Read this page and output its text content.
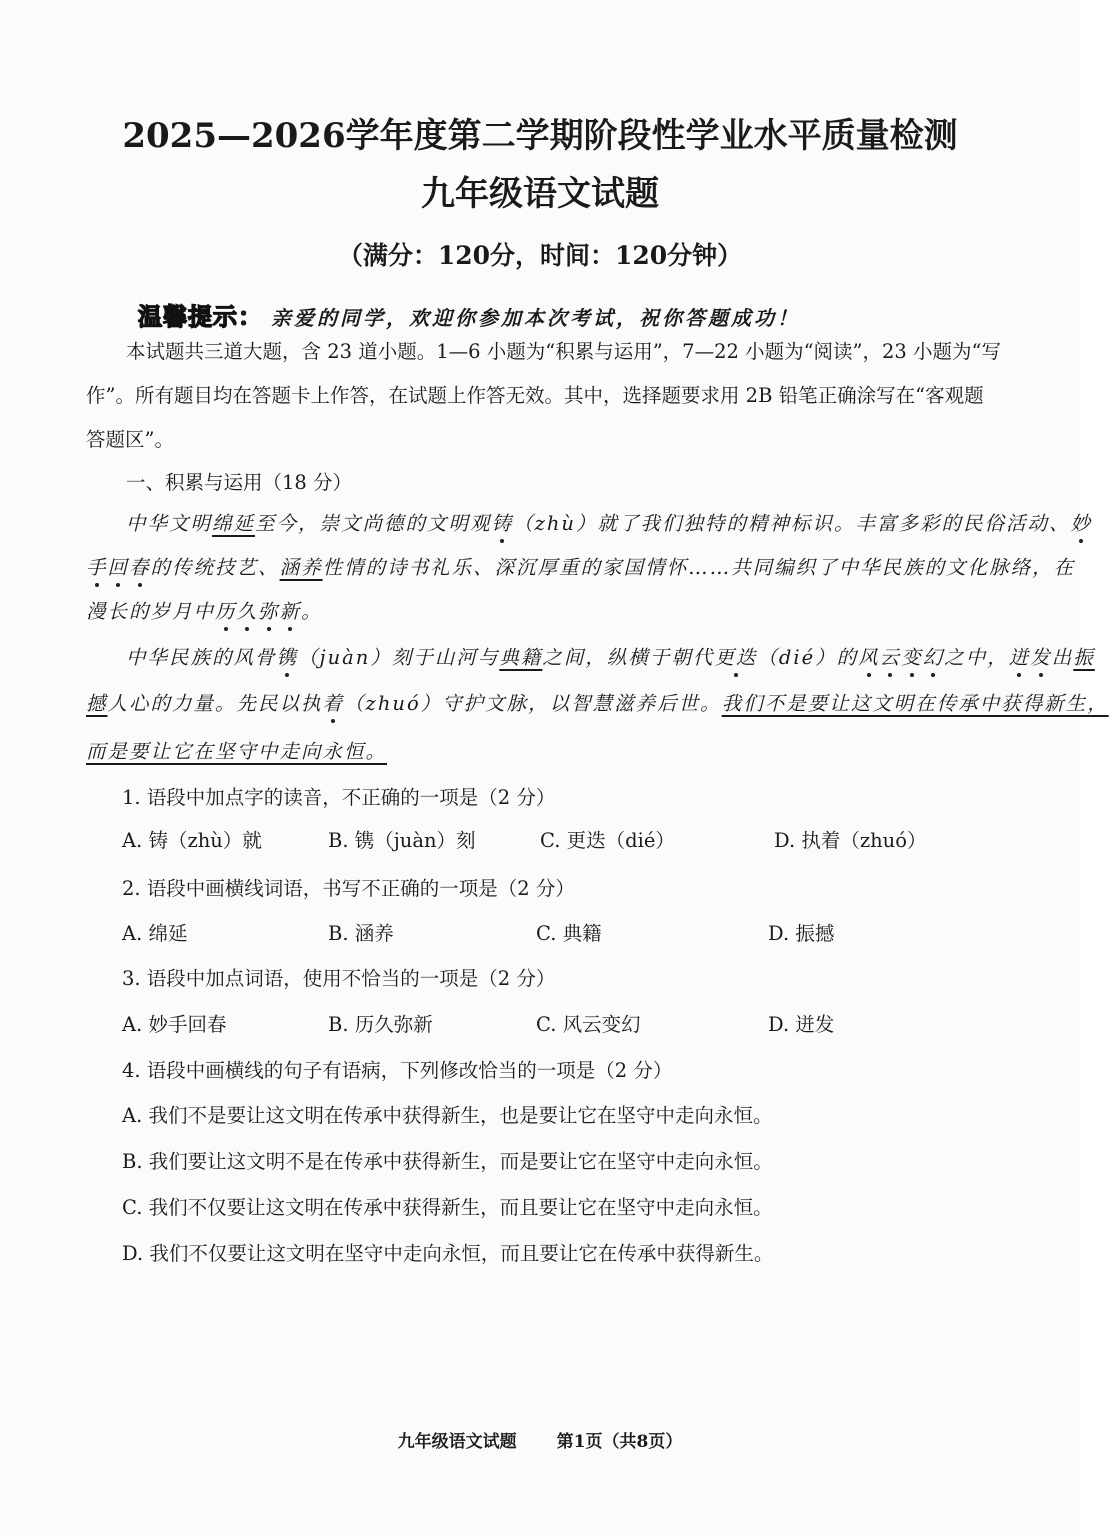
2025—2026学年度第二学期阶段性学业水平质量检测
九年级语文试题
（满分：120分，时间：120分钟）
温馨提示： 亲爱的同学，欢迎你参加本次考试，祝你答题成功！
本试题共三道大题，含 23 道小题。1—6 小题为“积累与运用”，7—22 小题为“阅读”，23 小题为“写
作”。所有题目均在答题卡上作答，在试题上作答无效。其中，选择题要求用 2B 铅笔正确涂写在“客观题
答题区”。
一、积累与运用（18 分）
中华文明绵延至今，崇文尚德的文明观铸（zhù）就了我们独特的精神标识。丰富多彩的民俗活动、妙
手回春的传统技艺、涵养性情的诗书礼乐、深沉厚重的家国情怀……共同编织了中华民族的文化脉络，在
漫长的岁月中历久弥新。
中华民族的风骨镌（juàn）刻于山河与典籍之间，纵横于朝代更迭（dié）的风云变幻之中，迸发出振
撼人心的力量。先民以执着（zhuó）守护文脉，以智慧滋养后世。我们不是要让这文明在传承中获得新生，
而是要让它在坚守中走向永恒。
1. 语段中加点字的读音，不正确的一项是（2 分）
A. 铸（zhù）就	B. 镌（juàn）刻	C. 更迭（dié）	D. 执着（zhuó）
2. 语段中画横线词语，书写不正确的一项是（2 分）
A. 绵延	B. 涵养	C. 典籍	D. 振撼
3. 语段中加点词语，使用不恰当的一项是（2 分）
A. 妙手回春	B. 历久弥新	C. 风云变幻	D. 迸发
4. 语段中画横线的句子有语病，下列修改恰当的一项是（2 分）
A. 我们不是要让这文明在传承中获得新生，也是要让它在坚守中走向永恒。
B. 我们要让这文明不是在传承中获得新生，而是要让它在坚守中走向永恒。
C. 我们不仅要让这文明在传承中获得新生，而且要让它在坚守中走向永恒。
D. 我们不仅要让这文明在坚守中走向永恒，而且要让它在传承中获得新生。
九年级语文试题 第1页（共8页）
